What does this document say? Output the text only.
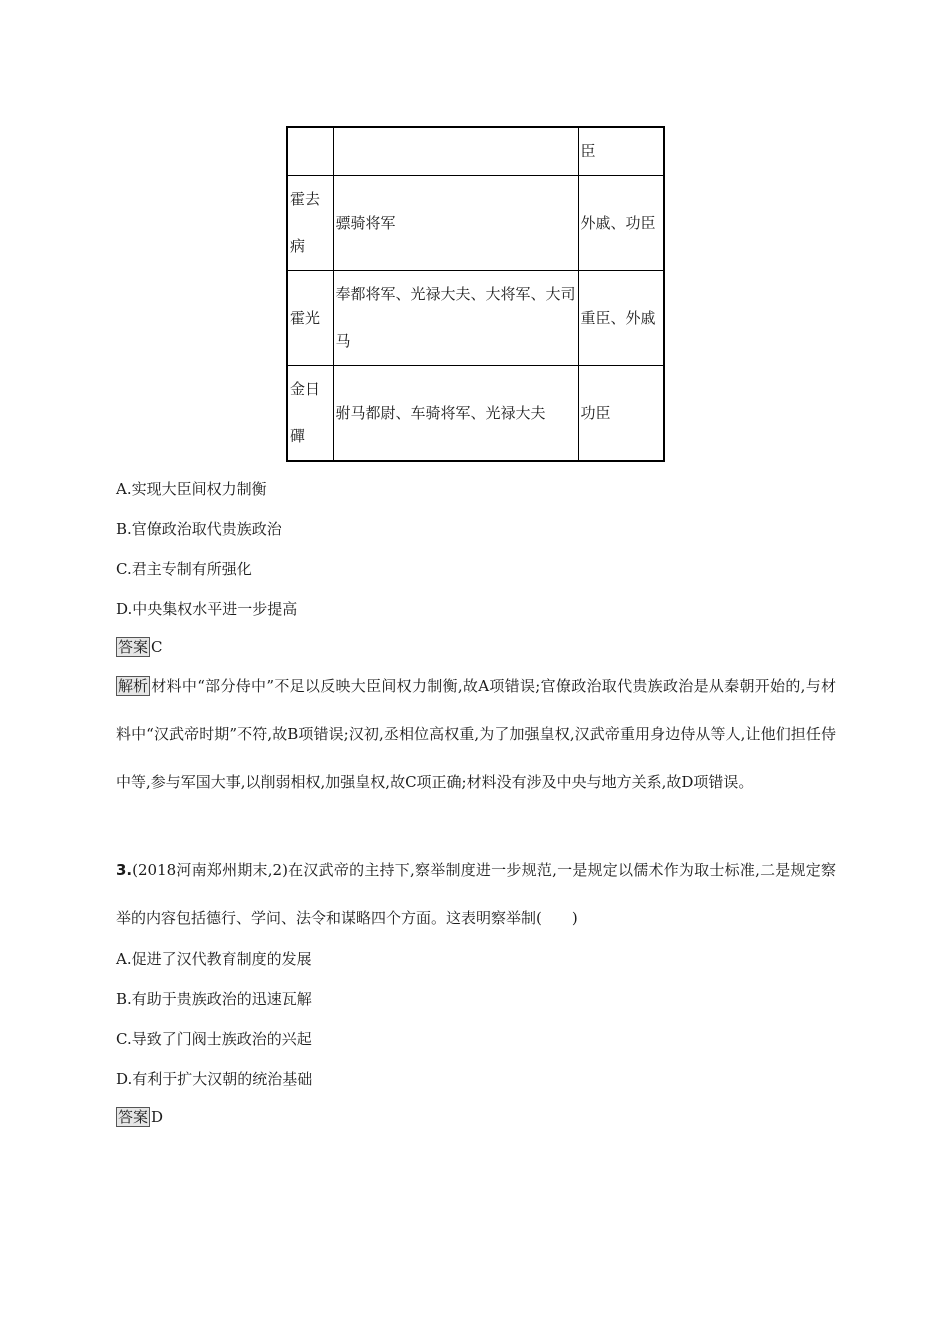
		臣
霍去病	骠骑将军	外戚、功臣
霍光	奉都将军、光禄大夫、大将军、大司马	重臣、外戚
金日磾	驸马都尉、车骑将军、光禄大夫	功臣
A.实现大臣间权力制衡
B.官僚政治取代贵族政治
C.君主专制有所强化
D.中央集权水平进一步提高
答案 C
解析 材料中“部分侍中”不足以反映大臣间权力制衡,故A项错误;官僚政治取代贵族政治是从秦朝开始的,与材料中“汉武帝时期”不符,故B项错误;汉初,丞相位高权重,为了加强皇权,汉武帝重用身边侍从等人,让他们担任侍中等,参与军国大事,以削弱相权,加强皇权,故C项正确;材料没有涉及中央与地方关系,故D项错误。
3.(2018河南郑州期末,2)在汉武帝的主持下,察举制度进一步规范,一是规定以儒术作为取士标准,二是规定察举的内容包括德行、学问、法令和谋略四个方面。这表明察举制(　　)
A.促进了汉代教育制度的发展
B.有助于贵族政治的迅速瓦解
C.导致了门阀士族政治的兴起
D.有利于扩大汉朝的统治基础
答案 D
